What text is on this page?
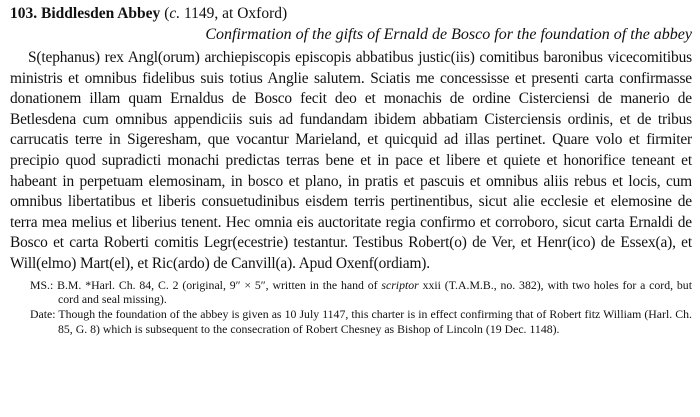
103. Biddlesden Abbey (c. 1149, at Oxford)

Confirmation of the gifts of Ernald de Bosco for the foundation of the abbey

S(tephanus) rex Angl(orum) archiepiscopis episcopis abbatibus justic(iis) comitibus baronibus vicecomitibus ministris et omnibus fidelibus suis totius Anglie salutem. Sciatis me concessisse et presenti carta confirmasse donationem illam quam Ernaldus de Bosco fecit deo et monachis de ordine Cisterciensi de manerio de Betlesdena cum omnibus appendiciis suis ad fundandam ibidem abbatiam Cisterciensis ordinis, et de tribus carrucatis terre in Sigeresham, que vocantur Marieland, et quicquid ad illas pertinet. Quare volo et firmiter precipio quod supradicti monachi predictas terras bene et in pace et libere et quiete et honorifice teneant et habeant in perpetuam elemosinam, in bosco et plano, in pratis et pascuis et omnibus aliis rebus et locis, cum omnibus libertatibus et liberis consuetudinibus eisdem terris pertinentibus, sicut alie ecclesie et elemosine de terra mea melius et liberius tenent. Hec omnia eis auctoritate regia confirmo et corroboro, sicut carta Ernaldi de Bosco et carta Roberti comitis Legr(ecestrie) testantur. Testibus Robert(o) de Ver, et Henr(ico) de Essex(a), et Will(elmo) Mart(el), et Ric(ardo) de Canvill(a). Apud Oxenf(ordiam).

MS.: B.M. *Harl. Ch. 84, C. 2 (original, 9″ × 5″, written in the hand of scriptor xxii (T.A.M.B., no. 382), with two holes for a cord, but cord and seal missing).

Date: Though the foundation of the abbey is given as 10 July 1147, this charter is in effect confirming that of Robert fitz William (Harl. Ch. 85, G. 8) which is subsequent to the consecration of Robert Chesney as Bishop of Lincoln (19 Dec. 1148).
